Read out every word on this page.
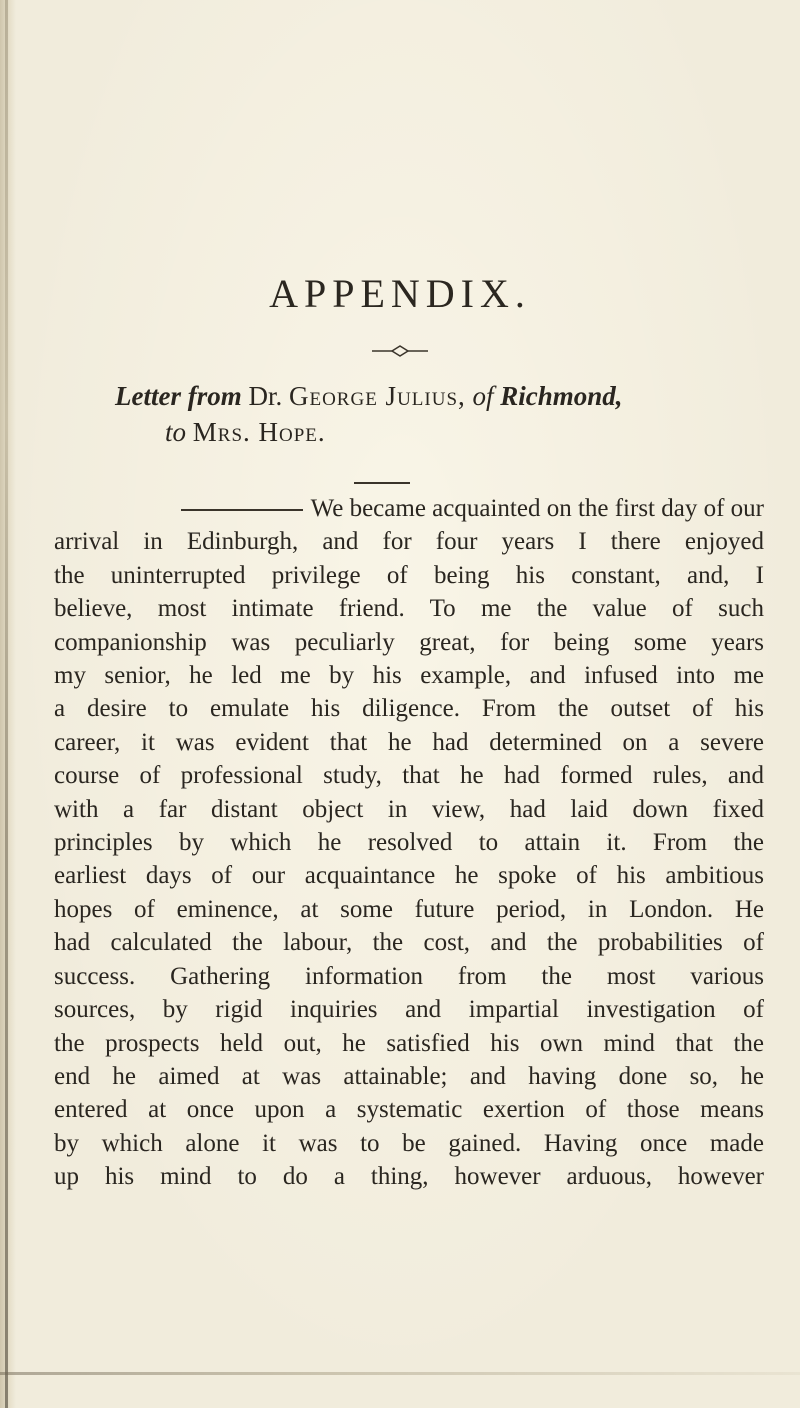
APPENDIX.
Letter from Dr. George Julius, of Richmond,
to Mrs. Hope.
We became acquainted on the first day of our
arrival in Edinburgh, and for four years I there enjoyed
the uninterrupted privilege of being his constant, and, I
believe, most intimate friend. To me the value of such
companionship was peculiarly great, for being some years
my senior, he led me by his example, and infused into me
a desire to emulate his diligence. From the outset of his
career, it was evident that he had determined on a severe
course of professional study, that he had formed rules, and
with a far distant object in view, had laid down fixed
principles by which he resolved to attain it. From the
earliest days of our acquaintance he spoke of his ambitious
hopes of eminence, at some future period, in London. He
had calculated the labour, the cost, and the probabilities of
success. Gathering information from the most various
sources, by rigid inquiries and impartial investigation of
the prospects held out, he satisfied his own mind that the
end he aimed at was attainable; and having done so, he
entered at once upon a systematic exertion of those means
by which alone it was to be gained. Having once made
up his mind to do a thing, however arduous, however
